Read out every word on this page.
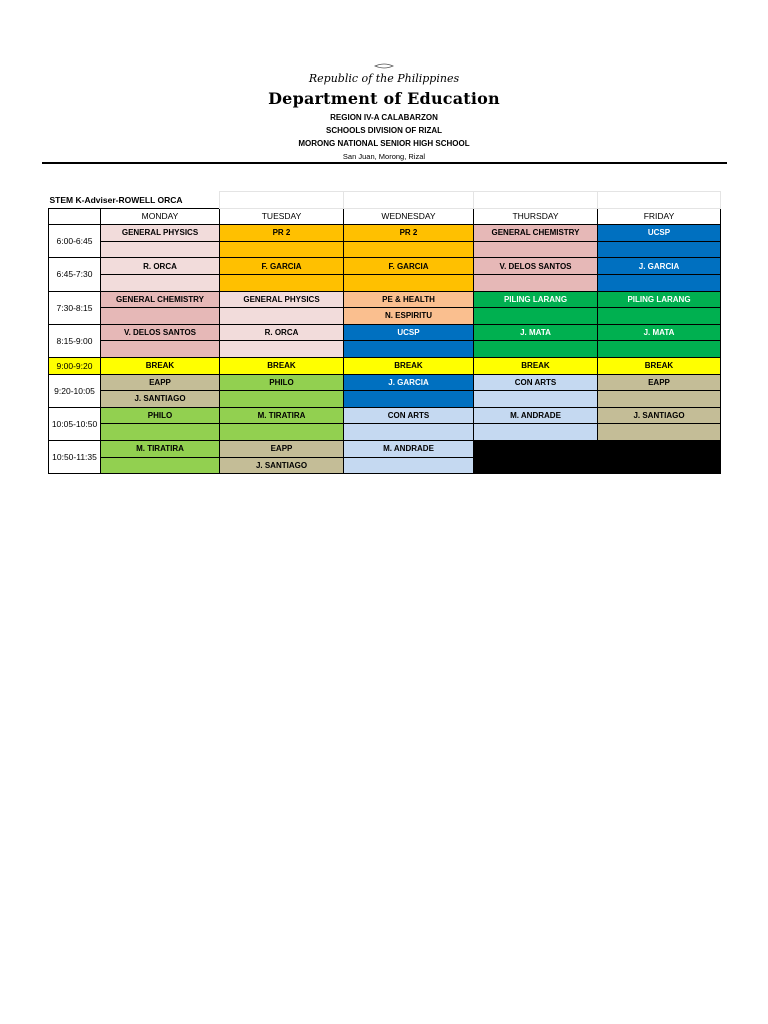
Republic of the Philippines
Department of Education
REGION IV-A CALABARZON
SCHOOLS DIVISION OF RIZAL
MORONG NATIONAL SENIOR HIGH SCHOOL
San Juan, Morong, Rizal
STEM K-Adviser-ROWELL ORCA					
	MONDAY	TUESDAY	WEDNESDAY	THURSDAY	FRIDAY
6:00-6:45	GENERAL PHYSICS	PR 2	PR 2	GENERAL CHEMISTRY	UCSP

6:45-7:30	R. ORCA	F. GARCIA	F. GARCIA	V. DELOS SANTOS	J. GARCIA

7:30-8:15	GENERAL CHEMISTRY	GENERAL PHYSICS	PE & HEALTH	PILING LARANG	PILING LARANG
			N. ESPIRITU		
8:15-9:00	V. DELOS SANTOS	R. ORCA	UCSP	J. MATA	J. MATA

9:00-9:20	BREAK	BREAK	BREAK	BREAK	BREAK
9:20-10:05	EAPP	PHILO	J. GARCIA	CON ARTS	EAPP
	J. SANTIAGO				
10:05-10:50	PHILO	M. TIRATIRA	CON ARTS	M. ANDRADE	J. SANTIAGO

10:50-11:35	M. TIRATIRA	EAPP	M. ANDRADE		
		J. SANTIAGO			
